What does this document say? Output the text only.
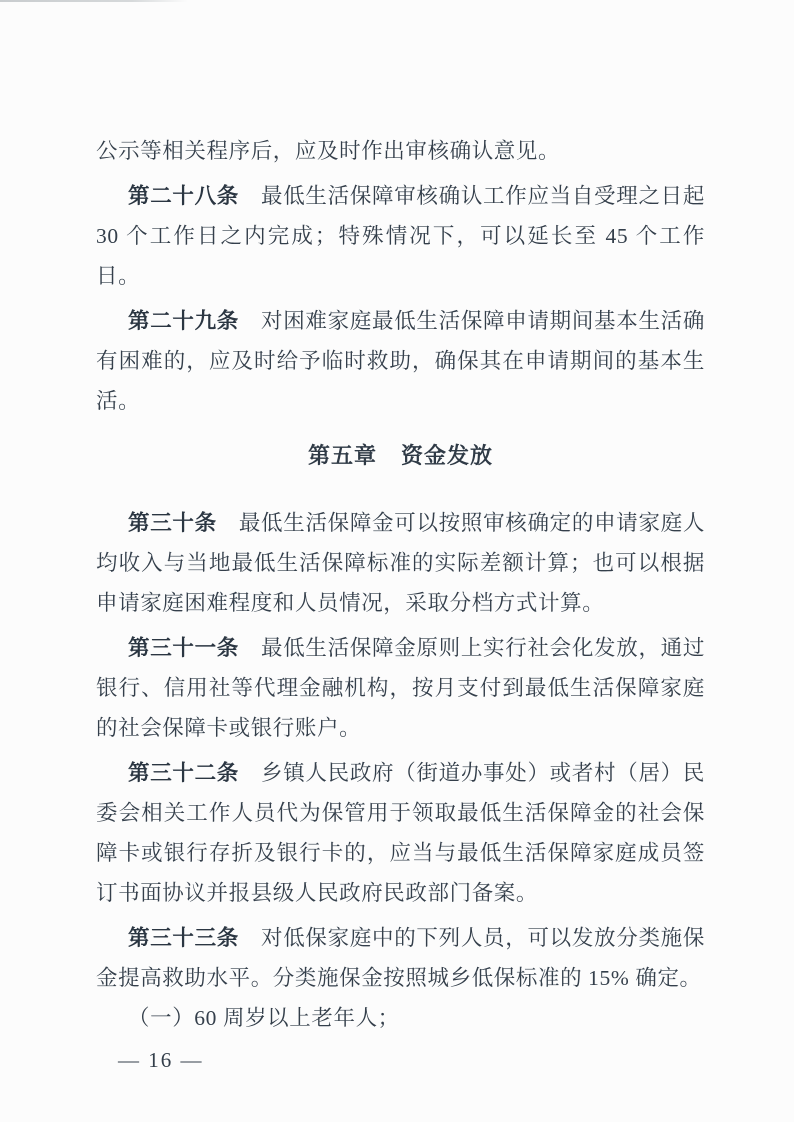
公示等相关程序后，应及时作出审核确认意见。

第二十八条 最低生活保障审核确认工作应当自受理之日起 30 个工作日之内完成；特殊情况下，可以延长至 45 个工作日。

第二十九条 对困难家庭最低生活保障申请期间基本生活确有困难的，应及时给予临时救助，确保其在申请期间的基本生活。

第五章 资金发放

第三十条 最低生活保障金可以按照审核确定的申请家庭人均收入与当地最低生活保障标准的实际差额计算；也可以根据申请家庭困难程度和人员情况，采取分档方式计算。

第三十一条 最低生活保障金原则上实行社会化发放，通过银行、信用社等代理金融机构，按月支付到最低生活保障家庭的社会保障卡或银行账户。

第三十二条 乡镇人民政府（街道办事处）或者村（居）民委会相关工作人员代为保管用于领取最低生活保障金的社会保障卡或银行存折及银行卡的，应当与最低生活保障家庭成员签订书面协议并报县级人民政府民政部门备案。

第三十三条 对低保家庭中的下列人员，可以发放分类施保金提高救助水平。分类施保金按照城乡低保标准的 15% 确定。

（一）60 周岁以上老年人；

— 16 —
